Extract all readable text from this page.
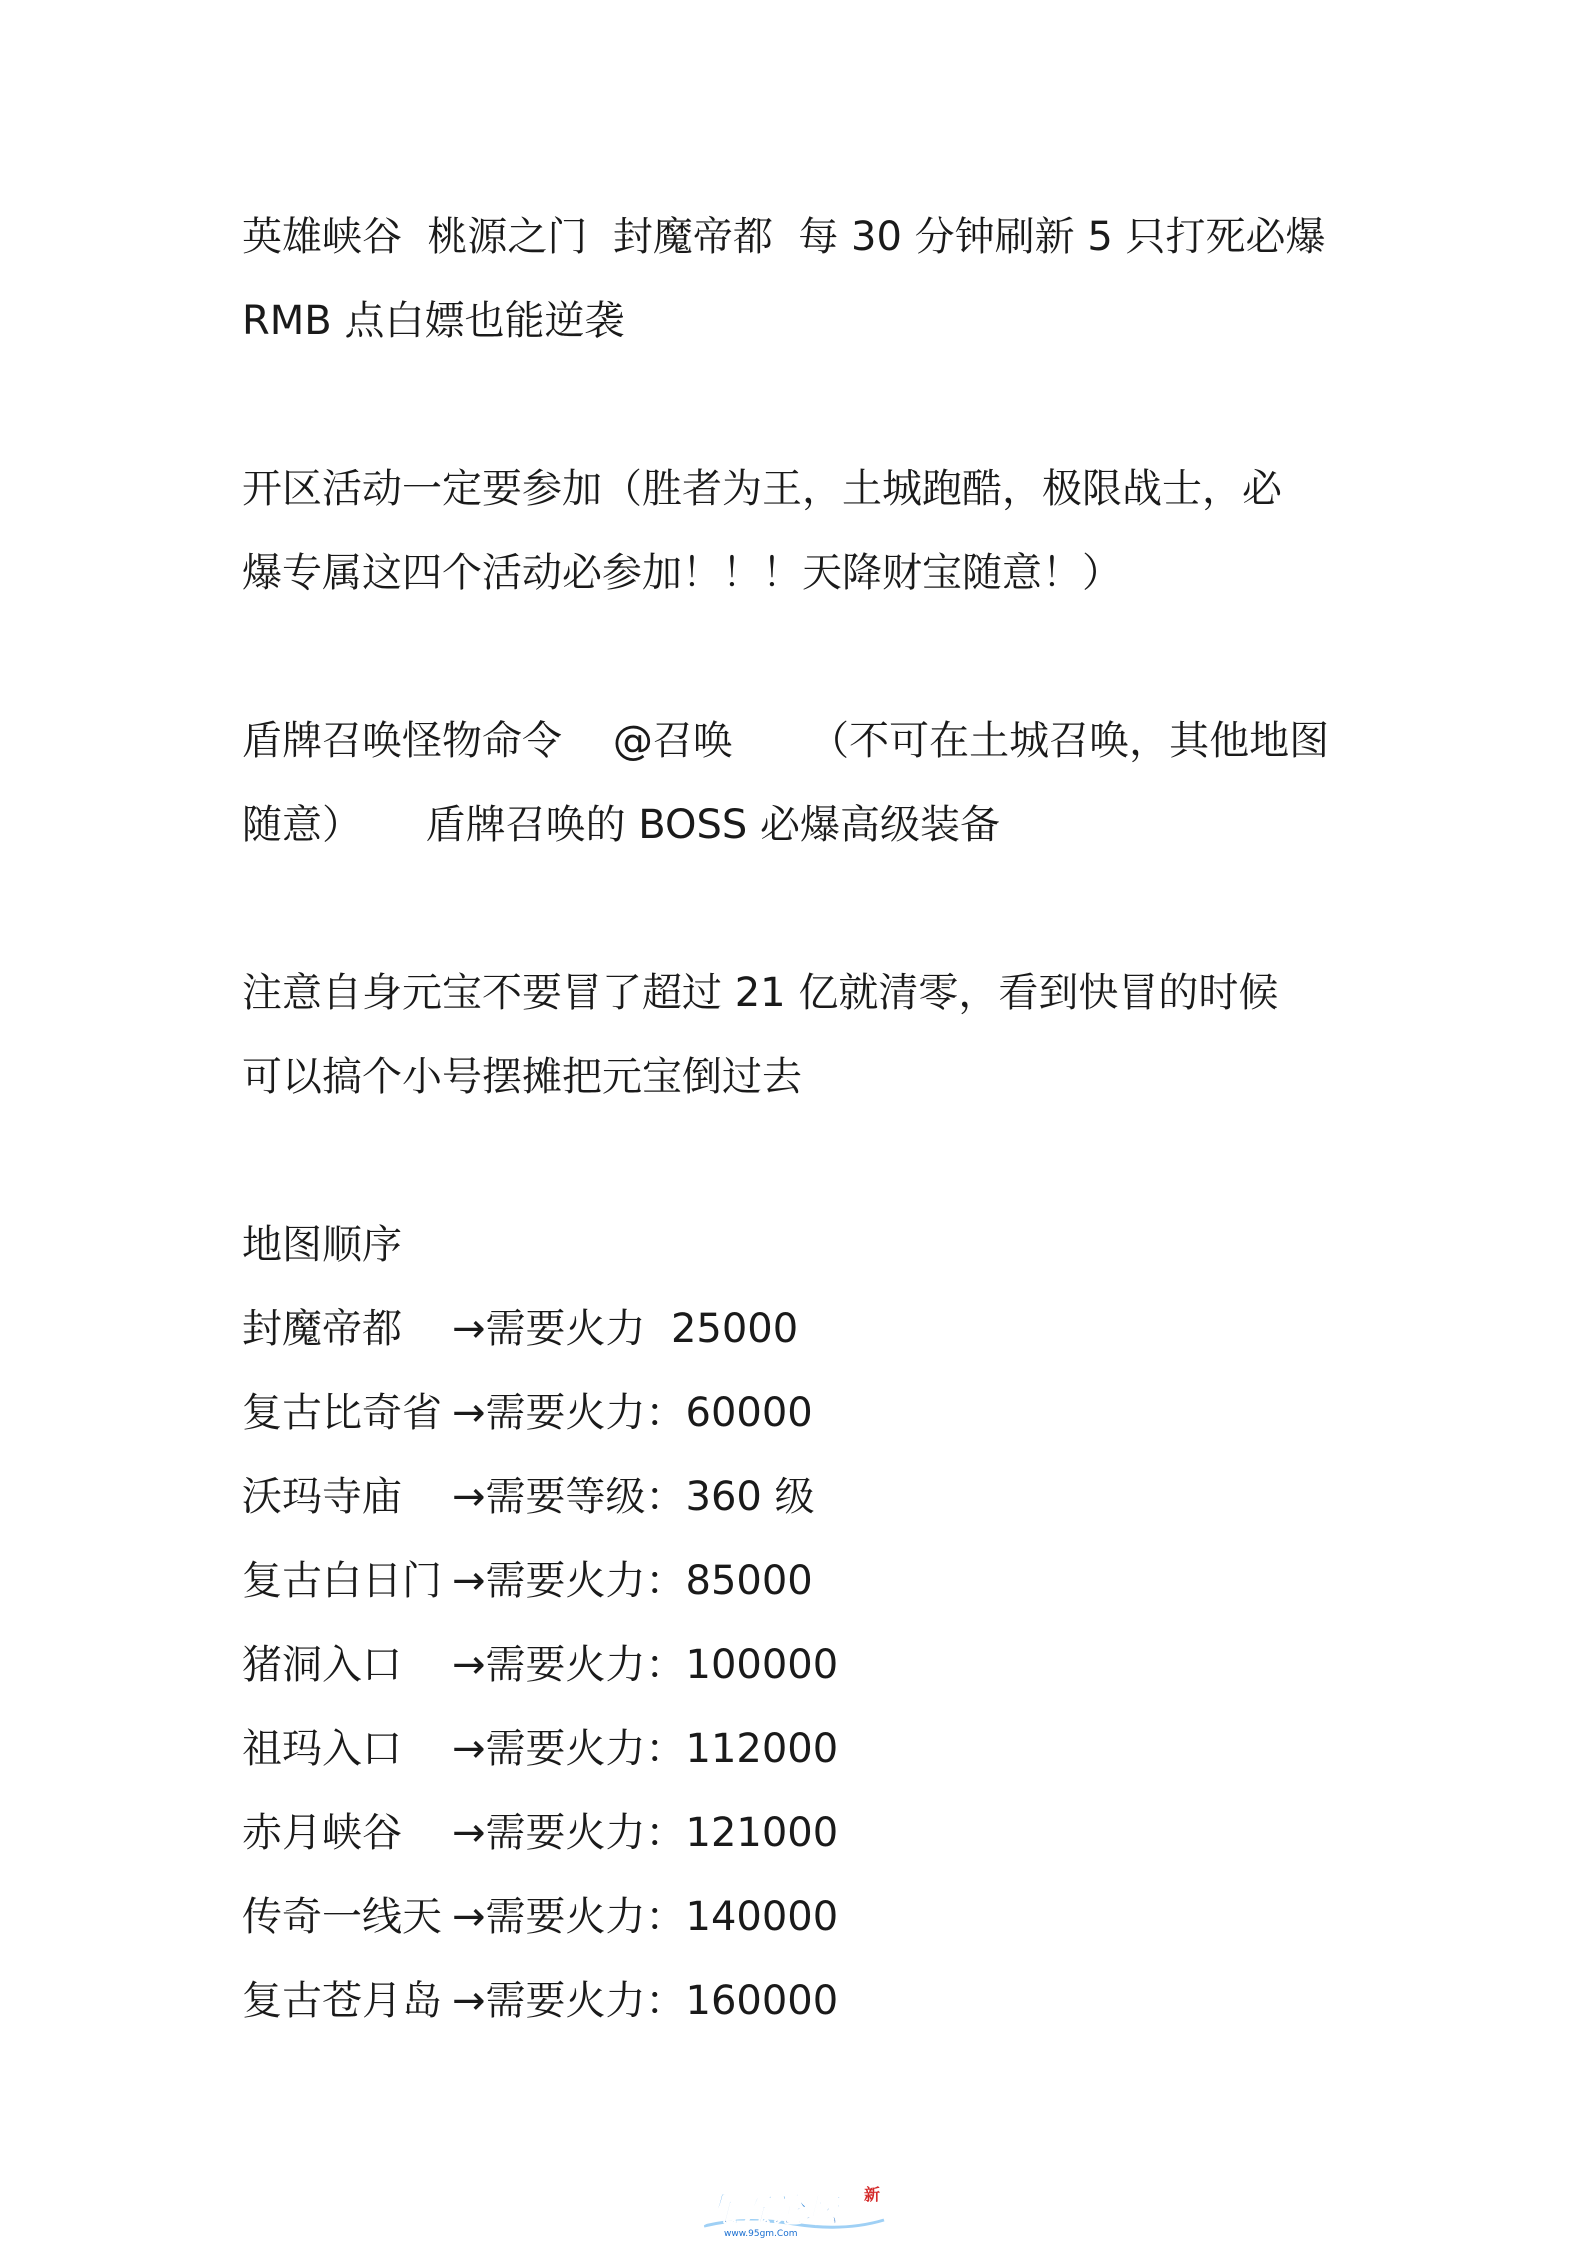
英雄峡谷  桃源之门  封魔帝都  每 30 分钟刷新 5 只打死必爆
RMB 点白嫖也能逆袭
开区活动一定要参加（胜者为王，土城跑酷，极限战士，必
爆专属这四个活动必参加！！！天降财宝随意！）
盾牌召唤怪物命令    @召唤      （不可在土城召唤，其他地图
随意）     盾牌召唤的 BOSS 必爆高级装备
注意自身元宝不要冒了超过 21 亿就清零，看到快冒的时候
可以搞个小号摆摊把元宝倒过去
地图顺序
封魔帝都 →需要火力  25000
复古比奇省 →需要火力：60000
沃玛寺庙 →需要等级：360 级
复古白日门 →需要火力：85000
猪洞入口 →需要火力：100000
祖玛入口 →需要火力：112000
赤月峡谷 →需要火力：121000
传奇一线天 →需要火力：140000
复古苍月岛 →需要火力：160000
九五论坛
www.95gm.Com
新
